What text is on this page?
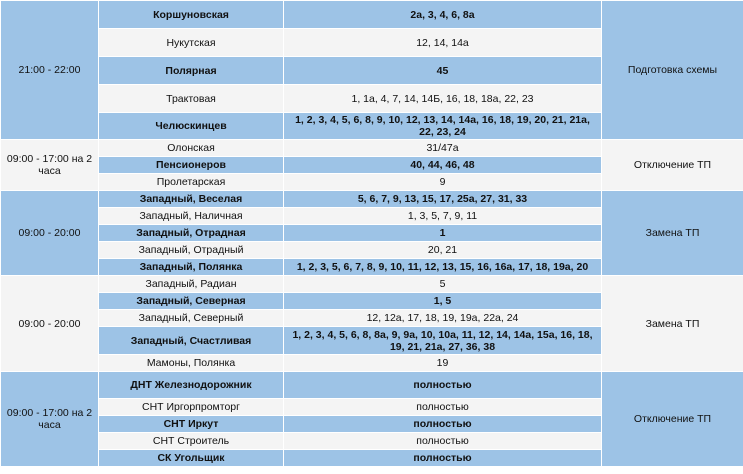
21:00 - 22:00	Коршуновская	2а, 3, 4, 6, 8а	Подготовка схемы
	Нукутская	12, 14, 14а	
	Полярная	45	
	Трактовая	1, 1а, 4, 7, 14, 14Б, 16, 18, 18а, 22, 23	
	Челюскинцев	1, 2, 3, 4, 5, 6, 8, 9, 10, 12, 13, 14, 14а, 16, 18, 19, 20, 21, 21а, 22, 23, 24	
09:00 - 17:00 на 2 часа	Олонская	31/47а	Отключение ТП
	Пенсионеров	40, 44, 46, 48	
	Пролетарская	9	
09:00 - 20:00	Западный, Веселая	5, 6, 7, 9, 13, 15, 17, 25а, 27, 31, 33	Замена ТП
	Западный, Наличная	1, 3, 5, 7, 9, 11	
	Западный, Отрадная	1	
	Западный, Отрадный	20, 21	
	Западный, Полянка	1, 2, 3, 5, 6, 7, 8, 9, 10, 11, 12, 13, 15, 16, 16а, 17, 18, 19а, 20	
09:00 - 20:00	Западный, Радиан	5	Замена ТП
	Западный, Северная	1, 5	
	Западный, Северный	12, 12а, 17, 18, 19, 19а, 22а, 24	
	Западный, Счастливая	1, 2, 3, 4, 5, 6, 8, 8а, 9, 9а, 10, 10а, 11, 12, 14, 14а, 15а, 16, 18, 19, 21, 21а, 27, 36, 38	
	Мамоны, Полянка	19	
09:00 - 17:00 на 2 часа	ДНТ Железнодорожник	полностью	Отключение ТП
	СНТ Иргорпромторг	полностью	
	СНТ Иркут	полностью	
	СНТ Строитель	полностью	
	СК Угольщик	полностью	
